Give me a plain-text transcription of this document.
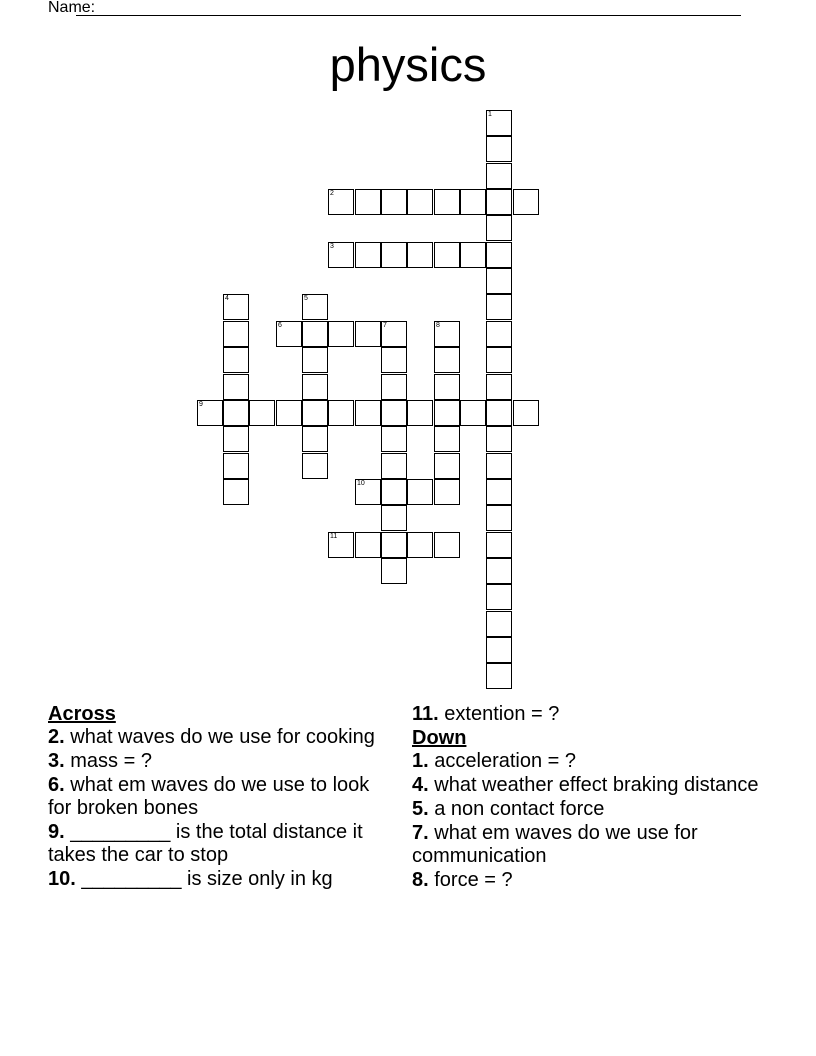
Name:
physics
1
2
3
4	5
6	7	8
9
10
11

Across

2. what waves do we use for cooking

3. mass = ?

6. what em waves do we use to look for broken bones

9. _________ is the total distance it takes the car to stop

10. _________ is size only in kg

11. extention = ?

Down

1. acceleration = ?

4. what weather effect braking distance

5. a non contact force

7. what em waves do we use for communication

8. force = ?
